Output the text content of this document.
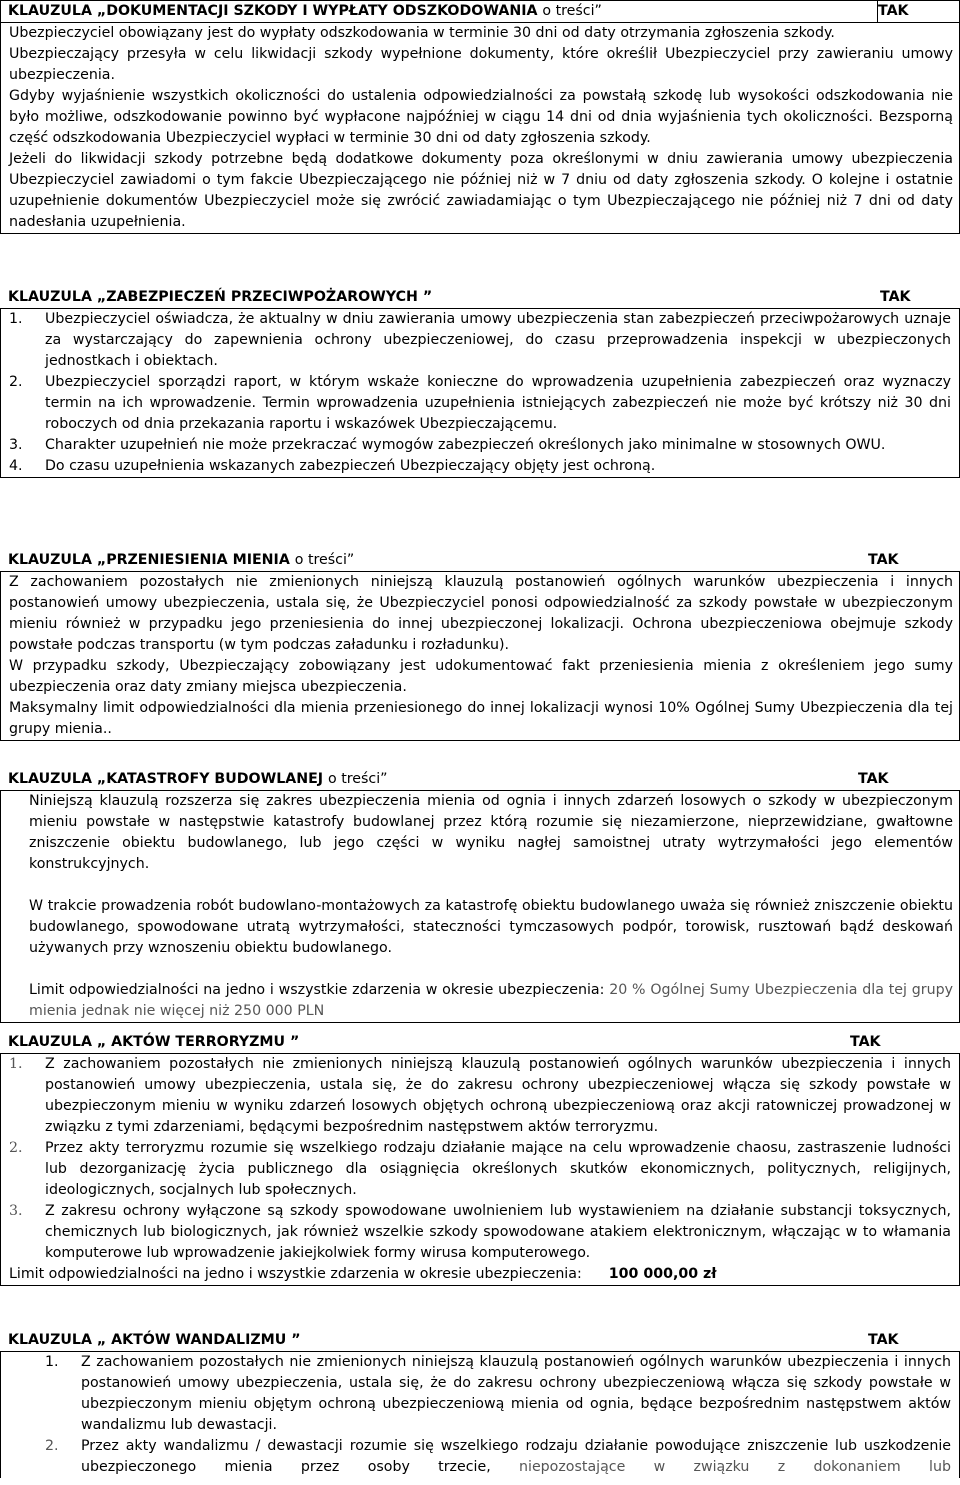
KLAUZULA „DOKUMENTACJI SZKODY I WYPŁATY ODSZKODOWANIA o treści”	TAK
Ubezpieczyciel obowiązany jest do wypłaty odszkodowania w terminie 30 dni od daty otrzymania zgłoszenia szkody.
Ubezpieczający przesyła w celu likwidacji szkody wypełnione dokumenty, które określił Ubezpieczyciel przy zawieraniu umowy ubezpieczenia.
Gdyby wyjaśnienie wszystkich okoliczności do ustalenia odpowiedzialności za powstałą szkodę lub wysokości odszkodowania nie było możliwe, odszkodowanie powinno być wypłacone najpóźniej w ciągu 14 dni od dnia wyjaśnienia tych okoliczności. Bezsporną część odszkodowania Ubezpieczyciel wypłaci w terminie 30 dni od daty zgłoszenia szkody.
Jeżeli do likwidacji szkody potrzebne będą dodatkowe dokumenty poza określonymi w dniu zawierania umowy ubezpieczenia Ubezpieczyciel zawiadomi o tym fakcie Ubezpieczającego nie później niż w 7 dniu od daty zgłoszenia szkody. O kolejne i ostatnie uzupełnienie dokumentów Ubezpieczyciel może się zwrócić zawiadamiając o tym Ubezpieczającego nie później niż 7 dni od daty nadesłania uzupełnienia.
KLAUZULA „ZABEZPIECZEŃ PRZECIWPOŻAROWYCH ”	TAK
1. Ubezpieczyciel oświadcza, że aktualny w dniu zawierania umowy ubezpieczenia stan zabezpieczeń przeciwpożarowych uznaje za wystarczający do zapewnienia ochrony ubezpieczeniowej, do czasu przeprowadzenia inspekcji w ubezpieczonych jednostkach i obiektach.
2. Ubezpieczyciel sporządzi raport, w którym wskaże konieczne do wprowadzenia uzupełnienia zabezpieczeń oraz wyznaczy termin na ich wprowadzenie. Termin wprowadzenia uzupełnienia istniejących zabezpieczeń nie może być krótszy niż 30 dni roboczych od dnia przekazania raportu i wskazówek Ubezpieczającemu.
3. Charakter uzupełnień nie może przekraczać wymogów zabezpieczeń określonych jako minimalne w stosownych OWU.
4. Do czasu uzupełnienia wskazanych zabezpieczeń Ubezpieczający objęty jest ochroną.
KLAUZULA „PRZENIESIENIA MIENIA o treści”	TAK
Z zachowaniem pozostałych nie zmienionych niniejszą klauzulą postanowień ogólnych warunków ubezpieczenia i innych postanowień umowy ubezpieczenia, ustala się, że Ubezpieczyciel ponosi odpowiedzialność za szkody powstałe w ubezpieczonym mieniu również w przypadku jego przeniesienia do innej ubezpieczonej lokalizacji. Ochrona ubezpieczeniowa obejmuje szkody powstałe podczas transportu (w tym podczas załadunku i rozładunku).
W przypadku szkody, Ubezpieczający zobowiązany jest udokumentować fakt przeniesienia mienia z określeniem jego sumy ubezpieczenia oraz daty zmiany miejsca ubezpieczenia.
Maksymalny limit odpowiedzialności dla mienia przeniesionego do innej lokalizacji wynosi 10% Ogólnej Sumy Ubezpieczenia dla tej grupy mienia..
KLAUZULA „KATASTROFY BUDOWLANEJ o treści”	TAK
Niniejszą klauzulą rozszerza się zakres ubezpieczenia mienia od ognia i innych zdarzeń losowych o szkody w ubezpieczonym mieniu powstałe w następstwie katastrofy budowlanej przez którą rozumie się niezamierzone, nieprzewidziane, gwałtowne zniszczenie obiektu budowlanego, lub jego części w wyniku nagłej samoistnej utraty wytrzymałości jego elementów konstrukcyjnych.
W trakcie prowadzenia robót budowlano-montażowych za katastrofę obiektu budowlanego uważa się również zniszczenie obiektu budowlanego, spowodowane utratą wytrzymałości, stateczności tymczasowych podpór, torowisk, rusztowań bądź deskowań używanych przy wznoszeniu obiektu budowlanego.
Limit odpowiedzialności na jedno i wszystkie zdarzenia w okresie ubezpieczenia: 20 % Ogólnej Sumy Ubezpieczenia dla tej grupy mienia jednak nie więcej niż 250 000 PLN
KLAUZULA „ AKTÓW TERRORYZMU ”	TAK
1. Z zachowaniem pozostałych nie zmienionych niniejszą klauzulą postanowień ogólnych warunków ubezpieczenia i innych postanowień umowy ubezpieczenia, ustala się, że do zakresu ochrony ubezpieczeniowej włącza się szkody powstałe w ubezpieczonym mieniu w wyniku zdarzeń losowych objętych ochroną ubezpieczeniową oraz akcji ratowniczej prowadzonej w związku z tymi zdarzeniami, będącymi bezpośrednim następstwem aktów terroryzmu.
2. Przez akty terroryzmu rozumie się wszelkiego rodzaju działanie mające na celu wprowadzenie chaosu, zastraszenie ludności lub dezorganizację życia publicznego dla osiągnięcia określonych skutków ekonomicznych, politycznych, religijnych, ideologicznych, socjalnych lub społecznych.
3. Z zakresu ochrony wyłączone są szkody spowodowane uwolnieniem lub wystawieniem na działanie substancji toksycznych, chemicznych lub biologicznych, jak również wszelkie szkody spowodowane atakiem elektronicznym, włączając w to włamania komputerowe lub wprowadzenie jakiejkolwiek formy wirusa komputerowego.
Limit odpowiedzialności na jedno i wszystkie zdarzenia w okresie ubezpieczenia:      100 000,00 zł
KLAUZULA „ AKTÓW WANDALIZMU ”	TAK
1. Z zachowaniem pozostałych nie zmienionych niniejszą klauzulą postanowień ogólnych warunków ubezpieczenia i innych postanowień umowy ubezpieczenia, ustala się, że do zakresu ochrony ubezpieczeniową włącza się szkody powstałe w ubezpieczonym mieniu objętym ochroną ubezpieczeniową mienia od ognia, będące bezpośrednim następstwem aktów wandalizmu lub dewastacji.
2. Przez akty wandalizmu / dewastacji rozumie się wszelkiego rodzaju działanie powodujące zniszczenie lub uszkodzenie ubezpieczonego mienia przez osoby trzecie, niepozostające w związku z dokonaniem lub
